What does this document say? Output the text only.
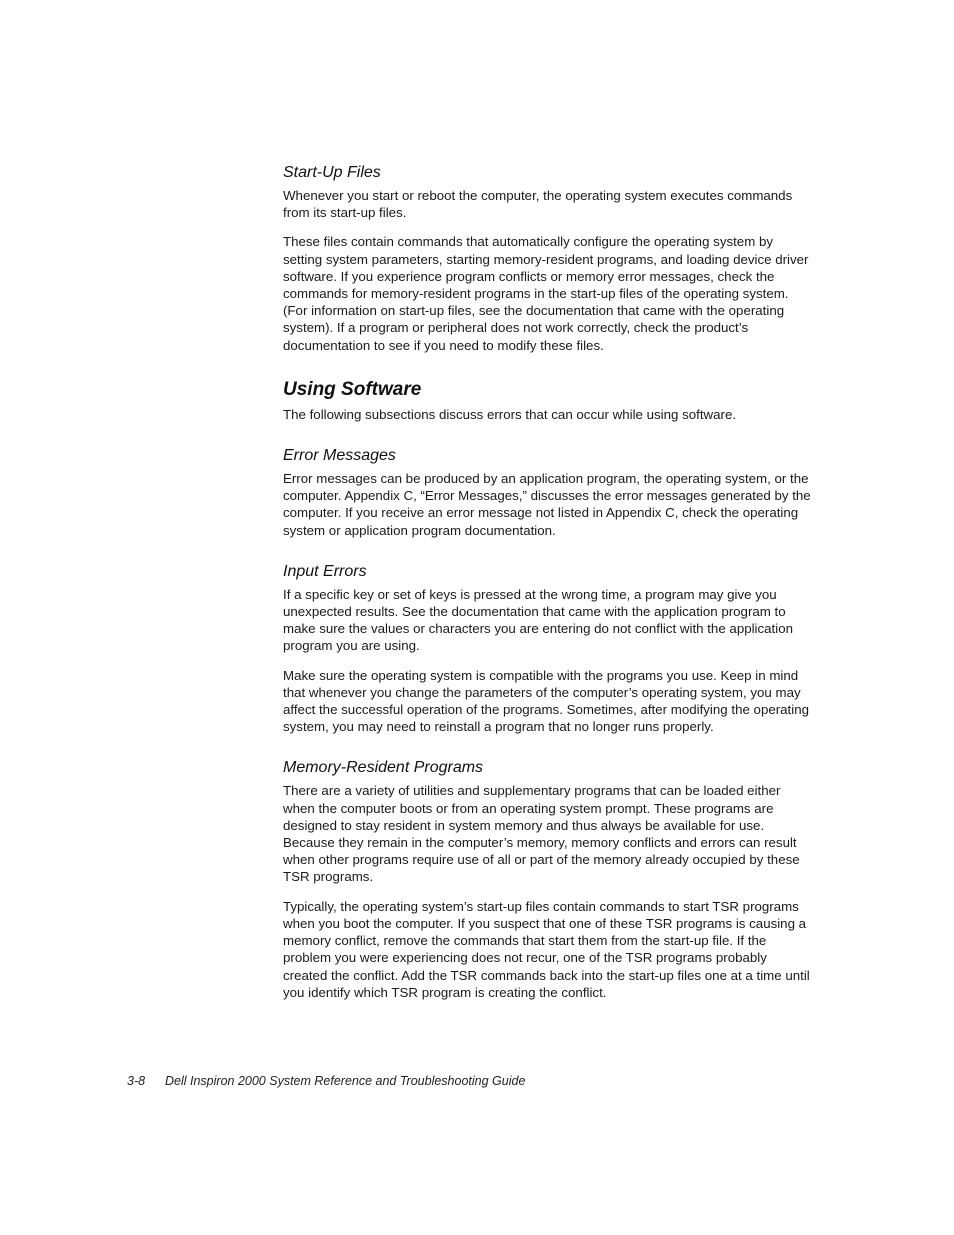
Start-Up Files

Whenever you start or reboot the computer, the operating system executes commands from its start-up files.

These files contain commands that automatically configure the operating system by setting system parameters, starting memory-resident programs, and loading device driver software. If you experience program conflicts or memory error messages, check the commands for memory-resident programs in the start-up files of the operating system. (For information on start-up files, see the documentation that came with the operating system). If a program or peripheral does not work correctly, check the product’s documentation to see if you need to modify these files.

Using Software

The following subsections discuss errors that can occur while using software.

Error Messages

Error messages can be produced by an application program, the operating system, or the computer. Appendix C, “Error Messages,” discusses the error messages generated by the computer. If you receive an error message not listed in Appendix C, check the operating system or application program documentation.

Input Errors

If a specific key or set of keys is pressed at the wrong time, a program may give you unexpected results. See the documentation that came with the application program to make sure the values or characters you are entering do not conflict with the application program you are using.

Make sure the operating system is compatible with the programs you use. Keep in mind that whenever you change the parameters of the computer’s operating system, you may affect the successful operation of the programs. Sometimes, after modifying the operating system, you may need to reinstall a program that no longer runs properly.

Memory-Resident Programs

There are a variety of utilities and supplementary programs that can be loaded either when the computer boots or from an operating system prompt. These programs are designed to stay resident in system memory and thus always be available for use. Because they remain in the computer’s memory, memory conflicts and errors can result when other programs require use of all or part of the memory already occupied by these TSR programs.

Typically, the operating system’s start-up files contain commands to start TSR programs when you boot the computer. If you suspect that one of these TSR programs is causing a memory conflict, remove the commands that start them from the start-up file. If the problem you were experiencing does not recur, one of the TSR programs probably created the conflict. Add the TSR commands back into the start-up files one at a time until you identify which TSR program is creating the conflict.

3-8 Dell Inspiron 2000 System Reference and Troubleshooting Guide
